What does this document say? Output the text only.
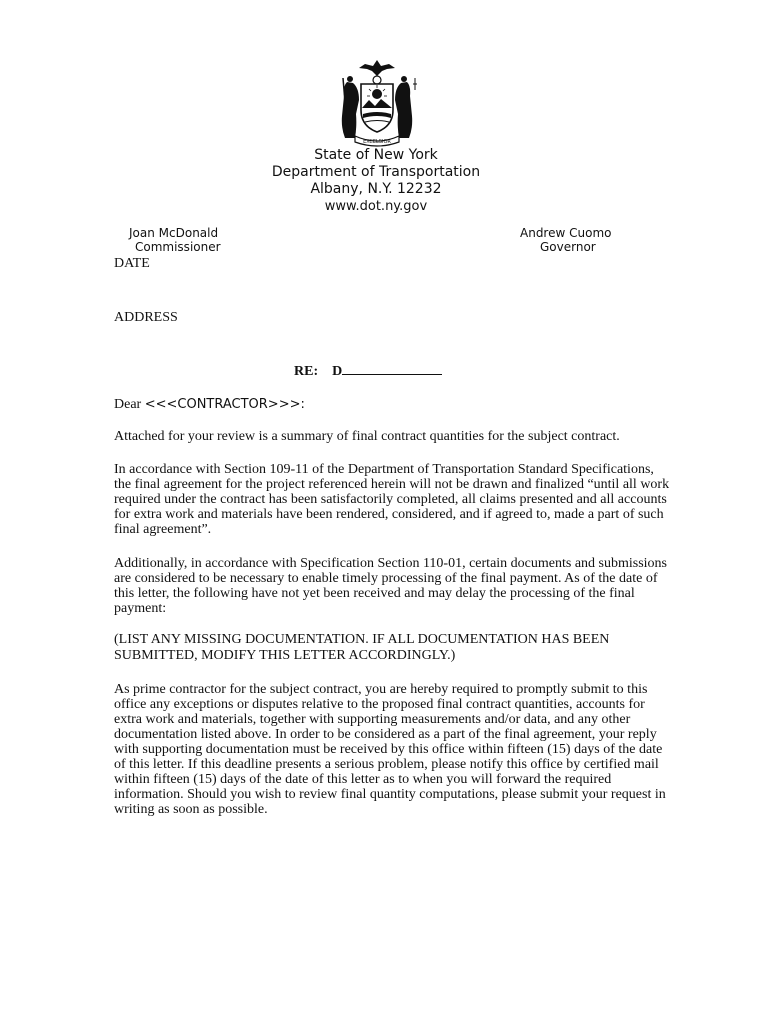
EXCELSIOR
State of New York
Department of Transportation
Albany, N.Y. 12232
www.dot.ny.gov
Joan McDonald
Commissioner
Andrew Cuomo
Governor
DATE
ADDRESS
RE: D
Dear <<<CONTRACTOR>>>:
Attached for your review is a summary of final contract quantities for the subject contract.
In accordance with Section 109-11 of the Department of Transportation Standard Specifications, the final agreement for the project referenced herein will not be drawn and finalized “until all work required under the contract has been satisfactorily completed, all claims presented and all accounts for extra work and materials have been rendered, considered, and if agreed to, made a part of such final agreement”.
Additionally, in accordance with Specification Section 110-01, certain documents and submissions are considered to be necessary to enable timely processing of the final payment. As of the date of this letter, the following have not yet been received and may delay the processing of the final payment:
(LIST ANY MISSING DOCUMENTATION. IF ALL DOCUMENTATION HAS BEEN SUBMITTED, MODIFY THIS LETTER ACCORDINGLY.)
As prime contractor for the subject contract, you are hereby required to promptly submit to this office any exceptions or disputes relative to the proposed final contract quantities, accounts for extra work and materials, together with supporting measurements and/or data, and any other documentation listed above. In order to be considered as a part of the final agreement, your reply with supporting documentation must be received by this office within fifteen (15) days of the date of this letter. If this deadline presents a serious problem, please notify this office by certified mail within fifteen (15) days of the date of this letter as to when you will forward the required information. Should you wish to review final quantity computations, please submit your request in writing as soon as possible.
